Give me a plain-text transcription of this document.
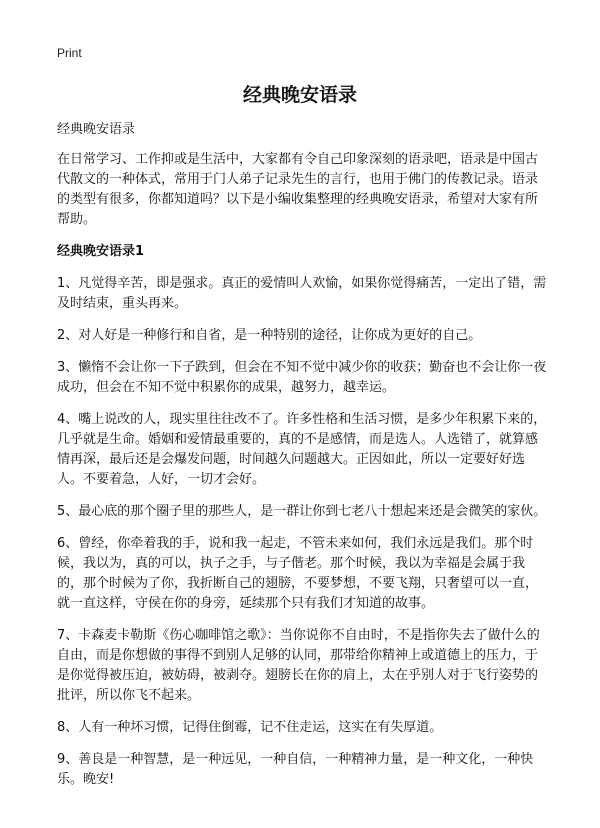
Print
经典晚安语录
经典晚安语录

在日常学习、工作抑或是生活中，大家都有令自己印象深刻的语录吧，语录是中国古代散文的一种体式，常用于门人弟子记录先生的言行，也用于佛门的传教记录。语录的类型有很多，你都知道吗？以下是小编收集整理的经典晚安语录，希望对大家有所帮助。

经典晚安语录1

1、凡觉得辛苦，即是强求。真正的爱情叫人欢愉，如果你觉得痛苦，一定出了错，需及时结束，重头再来。

2、对人好是一种修行和自省，是一种特别的途径，让你成为更好的自己。

3、懒惰不会让你一下子跌到，但会在不知不觉中减少你的收获；勤奋也不会让你一夜成功，但会在不知不觉中积累你的成果，越努力，越幸运。

4、嘴上说改的人，现实里往往改不了。许多性格和生活习惯，是多少年积累下来的，几乎就是生命。婚姻和爱情最重要的，真的不是感情，而是选人。人选错了，就算感情再深，最后还是会爆发问题，时间越久问题越大。正因如此，所以一定要好好选人。不要着急，人好，一切才会好。

5、最心底的那个圈子里的那些人，是一群让你到七老八十想起来还是会微笑的家伙。

6、曾经，你牵着我的手，说和我一起走，不管未来如何，我们永远是我们。那个时候，我以为，真的可以，执子之手，与子偕老。那个时候，我以为幸福是会属于我的，那个时候为了你，我折断自己的翅膀，不要梦想，不要飞翔，只奢望可以一直，就一直这样，守侯在你的身旁，延续那个只有我们才知道的故事。

7、卡森麦卡勒斯《伤心咖啡馆之歌》：当你说你不自由时，不是指你失去了做什么的自由，而是你想做的事得不到别人足够的认同，那带给你精神上或道德上的压力，于是你觉得被压迫，被妨碍，被剥夺。翅膀长在你的肩上，太在乎别人对于飞行姿势的批评，所以你飞不起来。

8、人有一种坏习惯，记得住倒霉，记不住走运，这实在有失厚道。

9、善良是一种智慧，是一种远见，一种自信，一种精神力量，是一种文化，一种快乐。晚安!
